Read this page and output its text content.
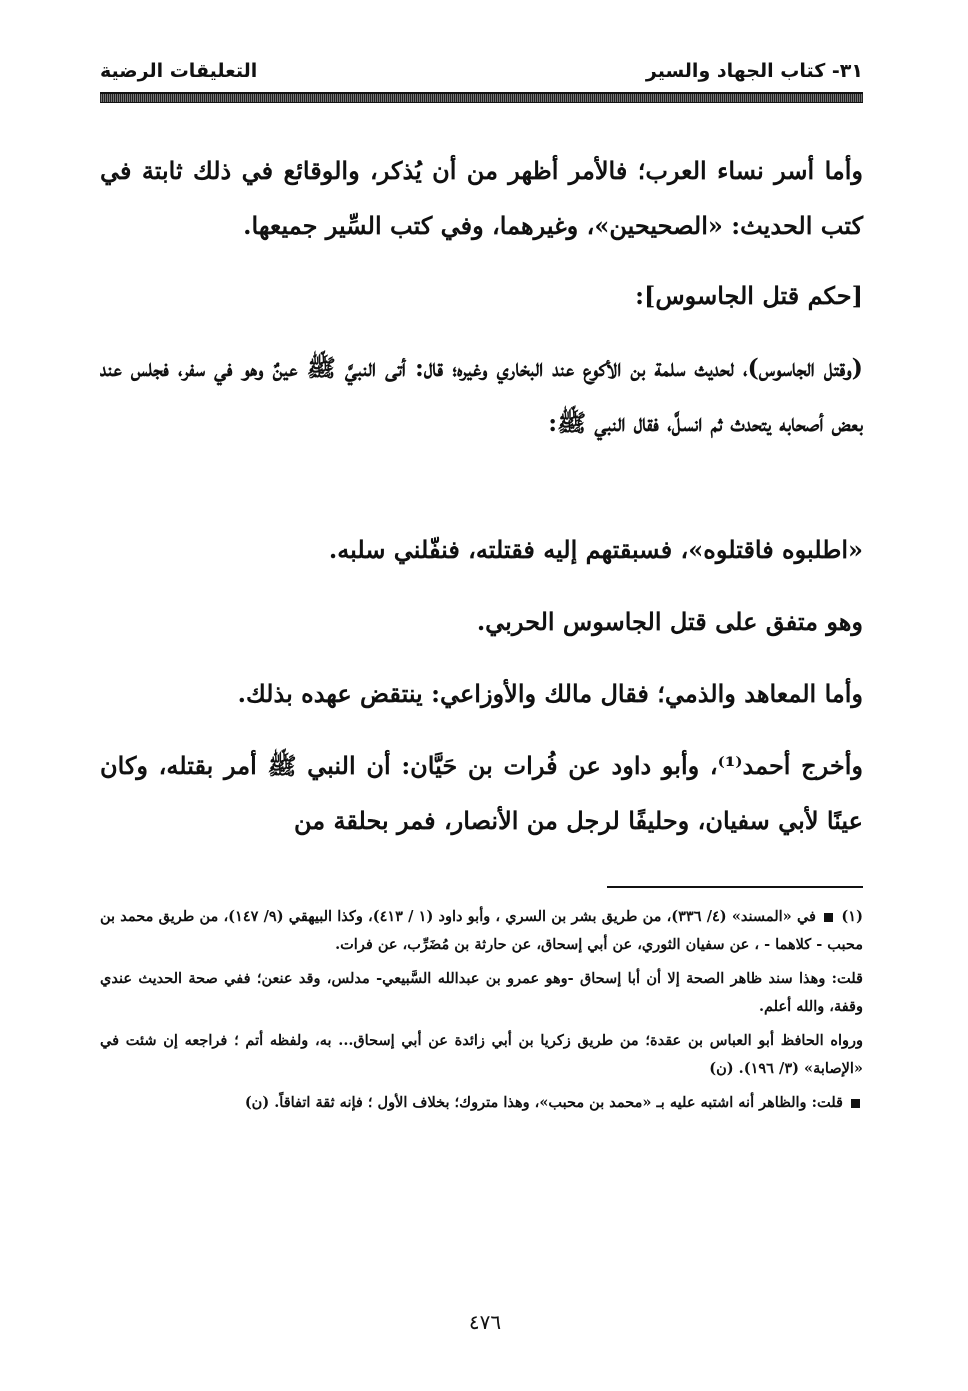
٣١- كتاب الجهاد والسير
التعليقات الرضية
وأما أسر نساء العرب؛ فالأمر أظهر من أن يُذكر، والوقائع في ذلك ثابتة في كتب الحديث: «الصحيحين»، وغيرهما، وفي كتب السِّير جميعها.
[حكم قتل الجاسوس]:
(وقتل الجاسوس)، لحديث سلمة بن الأكوع عند البخاري وغيره؛ قال: أتى النبيَّ ﷺ عينٌ وهو في سفر، فجلس عند بعض أصحابه يتحدث ثم انسلَّ، فقال النبي ﷺ:
«اطلبوه فاقتلوه»، فسبقتهم إليه فقتلته، فنفّلني سلبه.
وهو متفق على قتل الجاسوس الحربي.
وأما المعاهد والذمي؛ فقال مالك والأوزاعي: ينتقض عهده بذلك.
وأخرج أحمد⁽¹⁾، وأبو داود عن فُرات بن حَيَّان: أن النبي ﷺ أمر بقتله، وكان عينًا لأبي سفيان، وحليفًا لرجل من الأنصار، فمر بحلقة من

(١)  في «المسند» (٤/ ٣٣٦)، من طريق بشر بن السري ، وأبو داود (١ / ٤١٣)، وكذا البيهقي (٩/ ١٤٧)، من طريق محمد بن محبب - كلاهما - ، عن سفيان الثوري، عن أبي إسحاق، عن حارثة بن مُضَرِّب، عن فرات.

قلت: وهذا سند ظاهر الصحة إلا أن أبا إسحاق -وهو عمرو بن عبدالله السَّبيعي- مدلس، وقد عنعن؛ ففي صحة الحديث عندي وقفة، والله أعلم.

ورواه الحافظ أبو العباس بن عقدة؛ من طريق زكريا بن أبي زائدة عن أبي إسحاق... به، ولفظه أتم ؛ فراجعه إن شئت في «الإصابة» (٣/ ١٩٦). (ن)

قلت: والظاهر أنه اشتبه عليه بـ «محمد بن محبب»، وهذا متروك؛ بخلاف الأول ؛ فإنه ثقة اتفاقاً. (ن)

٤٧٦
